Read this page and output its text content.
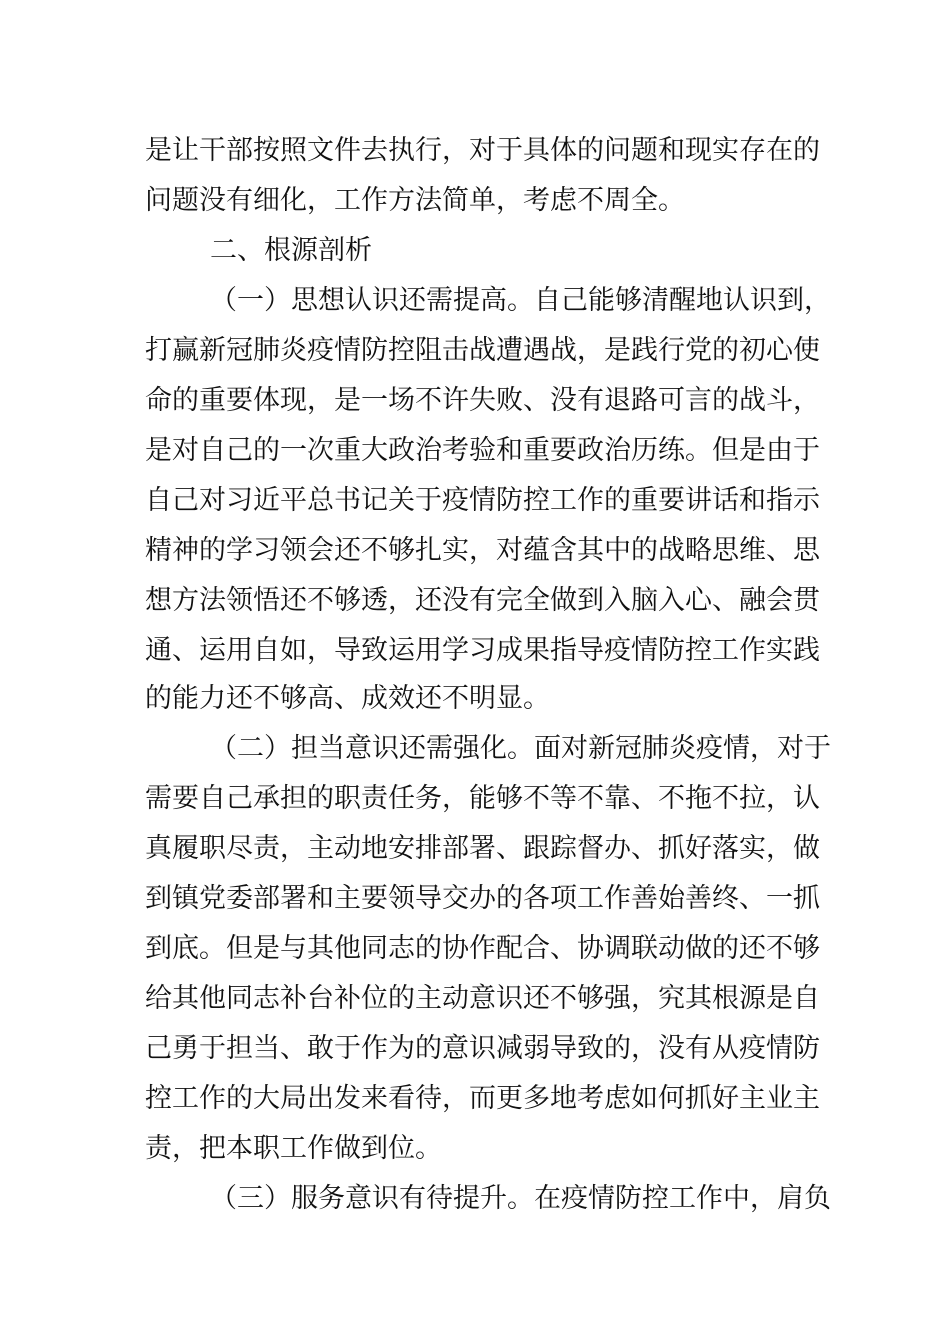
是让干部按照文件去执行，对于具体的问题和现实存在的
问题没有细化，工作方法简单，考虑不周全。
二、根源剖析
（一）思想认识还需提高。自己能够清醒地认识到，
打赢新冠肺炎疫情防控阻击战遭遇战，是践行党的初心使
命的重要体现，是一场不许失败、没有退路可言的战斗，
是对自己的一次重大政治考验和重要政治历练。但是由于
自己对习近平总书记关于疫情防控工作的重要讲话和指示
精神的学习领会还不够扎实，对蕴含其中的战略思维、思
想方法领悟还不够透，还没有完全做到入脑入心、融会贯
通、运用自如，导致运用学习成果指导疫情防控工作实践
的能力还不够高、成效还不明显。
（二）担当意识还需强化。面对新冠肺炎疫情，对于
需要自己承担的职责任务，能够不等不靠、不拖不拉，认
真履职尽责，主动地安排部署、跟踪督办、抓好落实，做
到镇党委部署和主要领导交办的各项工作善始善终、一抓
到底。但是与其他同志的协作配合、协调联动做的还不够
给其他同志补台补位的主动意识还不够强，究其根源是自
己勇于担当、敢于作为的意识减弱导致的，没有从疫情防
控工作的大局出发来看待，而更多地考虑如何抓好主业主
责，把本职工作做到位。
（三）服务意识有待提升。在疫情防控工作中，肩负
